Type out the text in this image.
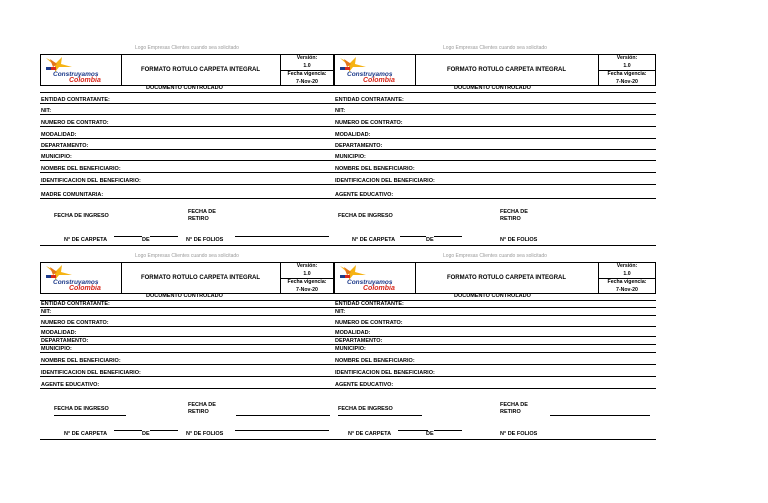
Logo Empresas Clientes cuando sea solicitado
Construyamos
Colombia
FORMATO ROTULO CARPETA INTEGRAL
Versión:
1.0
Fecha vigencia:
7-Nov-20
DOCUMENTO CONTROLADO
ENTIDAD CONTRATANTE:
NIT:
NUMERO DE CONTRATO:
MODALIDAD:
DEPARTAMENTO:
MUNICIPIO:
NOMBRE DEL BENEFICIARIO:
IDENTIFICACION DEL BENEFICIARIO:
MADRE COMUNITARIA:
FECHA DE INGRESO
FECHA DE
RETIRO
N° DE CARPETA	DE	N° DE FOLIOS
Logo Empresas Clientes cuando sea solicitado
Construyamos
Colombia
FORMATO ROTULO CARPETA INTEGRAL
Versión:
1.0
Fecha vigencia:
7-Nov-20
DOCUMENTO CONTROLADO
ENTIDAD CONTRATANTE:
NIT:
NUMERO DE CONTRATO:
MODALIDAD:
DEPARTAMENTO:
MUNICIPIO:
NOMBRE DEL BENEFICIARIO:
IDENTIFICACION DEL BENEFICIARIO:
AGENTE EDUCATIVO:
FECHA DE INGRESO
FECHA DE
RETIRO
N° DE CARPETA	DE	N° DE FOLIOS
Logo Empresas Clientes cuando sea solicitado
Construyamos
Colombia
FORMATO ROTULO CARPETA INTEGRAL
Versión:
1.0
Fecha vigencia:
7-Nov-20
DOCUMENTO CONTROLADO
ENTIDAD CONTRATANTE:
NIT:
NUMERO DE CONTRATO:
MODALIDAD:
DEPARTAMENTO:
MUNICIPIO:
NOMBRE DEL BENEFICIARIO:
IDENTIFICACION DEL BENEFICIARIO:
AGENTE EDUCATIVO:
FECHA DE INGRESO
FECHA DE
RETIRO
N° DE CARPETA	DE	N° DE FOLIOS
Logo Empresas Clientes cuando sea solicitado
Construyamos
Colombia
FORMATO ROTULO CARPETA INTEGRAL
Versión:
1.0
Fecha vigencia:
7-Nov-20
DOCUMENTO CONTROLADO
ENTIDAD CONTRATANTE:
NIT:
NUMERO DE CONTRATO:
MODALIDAD:
DEPARTAMENTO:
MUNICIPIO:
NOMBRE DEL BENEFICIARIO:
IDENTIFICACION DEL BENEFICIARIO:
AGENTE EDUCATIVO:
FECHA DE INGRESO
FECHA DE
RETIRO
N° DE CARPETA	DE	N° DE FOLIOS
